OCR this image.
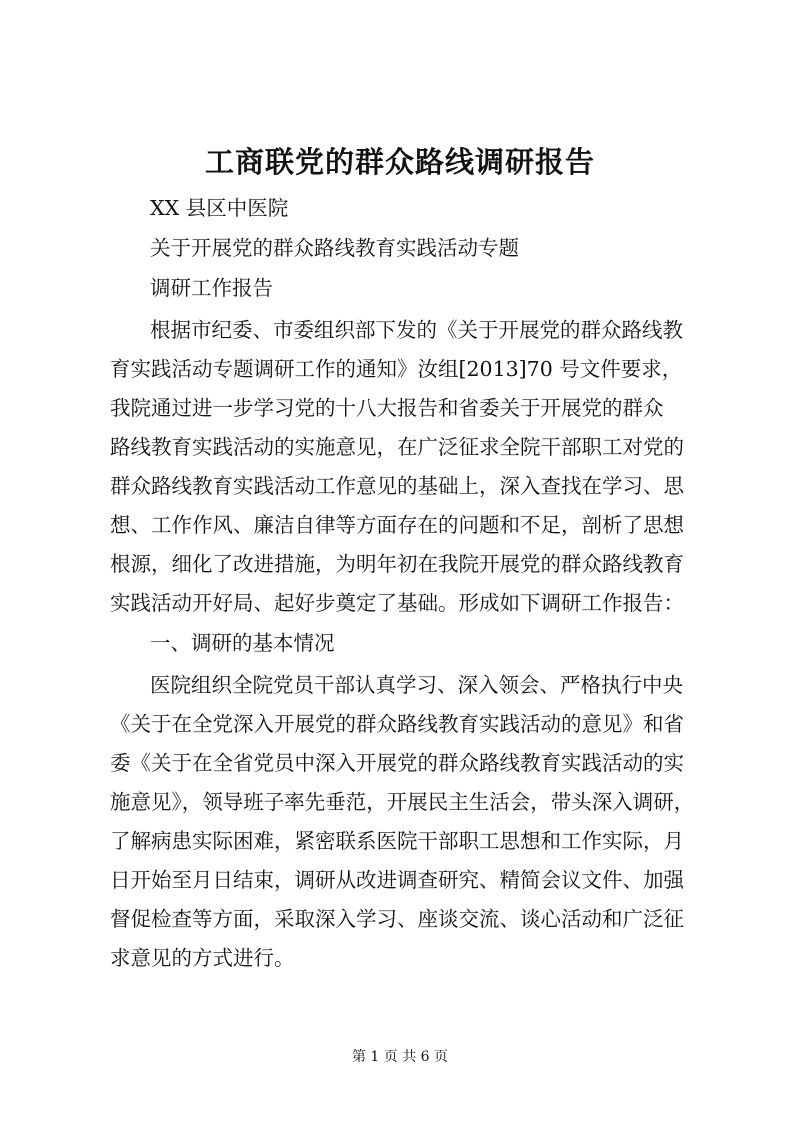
工商联党的群众路线调研报告
XX 县区中医院
关于开展党的群众路线教育实践活动专题
调研工作报告
根据市纪委、市委组织部下发的《关于开展党的群众路线教
育实践活动专题调研工作的通知》汝组[2013]70 号文件要求，
我院通过进一步学习党的十八大报告和省委关于开展党的群众
路线教育实践活动的实施意见，在广泛征求全院干部职工对党的
群众路线教育实践活动工作意见的基础上，深入查找在学习、思
想、工作作风、廉洁自律等方面存在的问题和不足，剖析了思想
根源，细化了改进措施，为明年初在我院开展党的群众路线教育
实践活动开好局、起好步奠定了基础。形成如下调研工作报告：
一、调研的基本情况
医院组织全院党员干部认真学习、深入领会、严格执行中央
《关于在全党深入开展党的群众路线教育实践活动的意见》和省
委《关于在全省党员中深入开展党的群众路线教育实践活动的实
施意见》，领导班子率先垂范，开展民主生活会，带头深入调研，
了解病患实际困难，紧密联系医院干部职工思想和工作实际，月
日开始至月日结束，调研从改进调查研究、精简会议文件、加强
督促检查等方面，采取深入学习、座谈交流、谈心活动和广泛征
求意见的方式进行。
第 1 页 共 6 页
